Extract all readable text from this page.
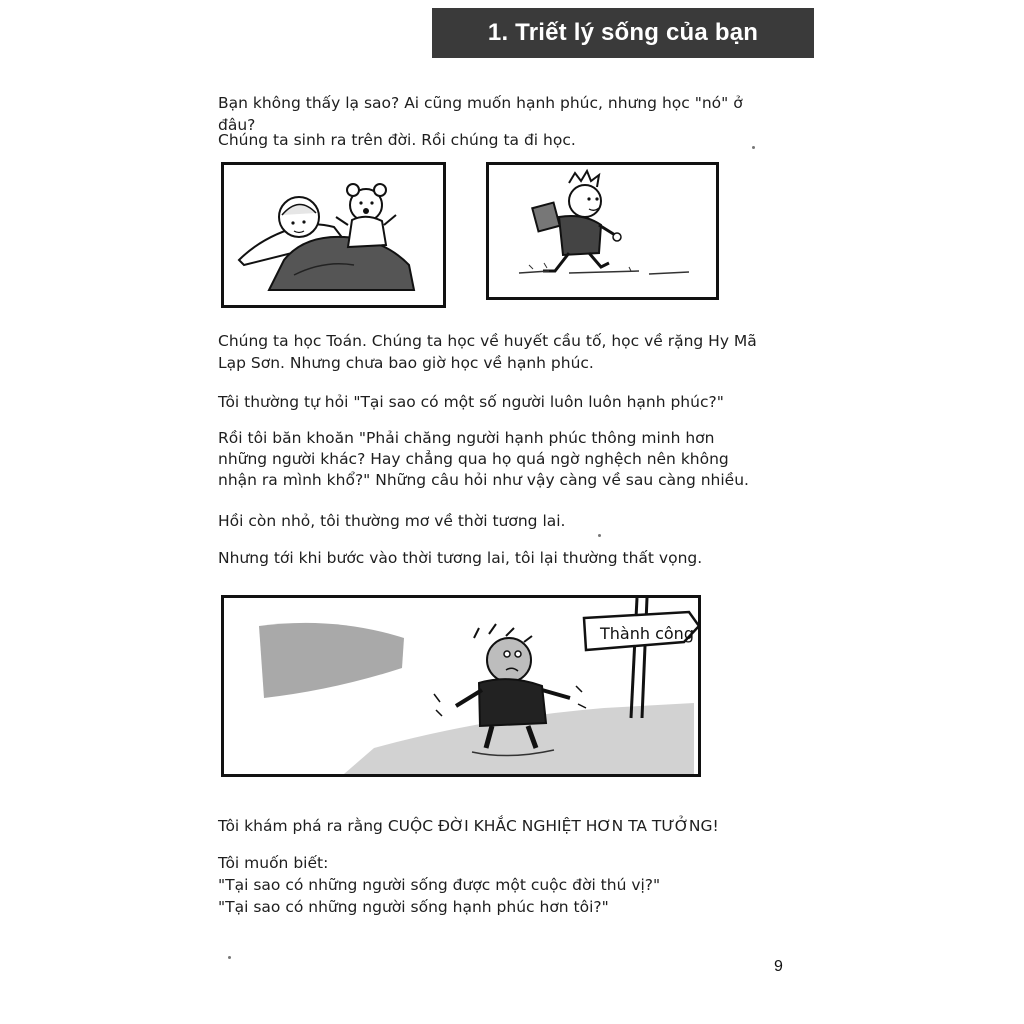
1. Triết lý sống của bạn

Bạn không thấy lạ sao? Ai cũng muốn hạnh phúc, nhưng học "nó" ở đâu?

Chúng ta sinh ra trên đời. Rồi chúng ta đi học.

Chúng ta học Toán. Chúng ta học về huyết cầu tố, học về rặng Hy Mã Lạp Sơn. Nhưng chưa bao giờ học về hạnh phúc.

Tôi thường tự hỏi "Tại sao có một số người luôn luôn hạnh phúc?"

Rồi tôi băn khoăn "Phải chăng người hạnh phúc thông minh hơn những người khác? Hay chẳng qua họ quá ngờ nghệch nên không nhận ra mình khổ?" Những câu hỏi như vậy càng về sau càng nhiều.

Hồi còn nhỏ, tôi thường mơ về thời tương lai.

Nhưng tới khi bước vào thời tương lai, tôi lại thường thất vọng.

Thành công

Tôi khám phá ra rằng CUỘC ĐỜI KHẮC NGHIỆT HƠN TA TƯỞNG!

Tôi muốn biết:

"Tại sao có những người sống được một cuộc đời thú vị?"

"Tại sao có những người sống hạnh phúc hơn tôi?"

9
